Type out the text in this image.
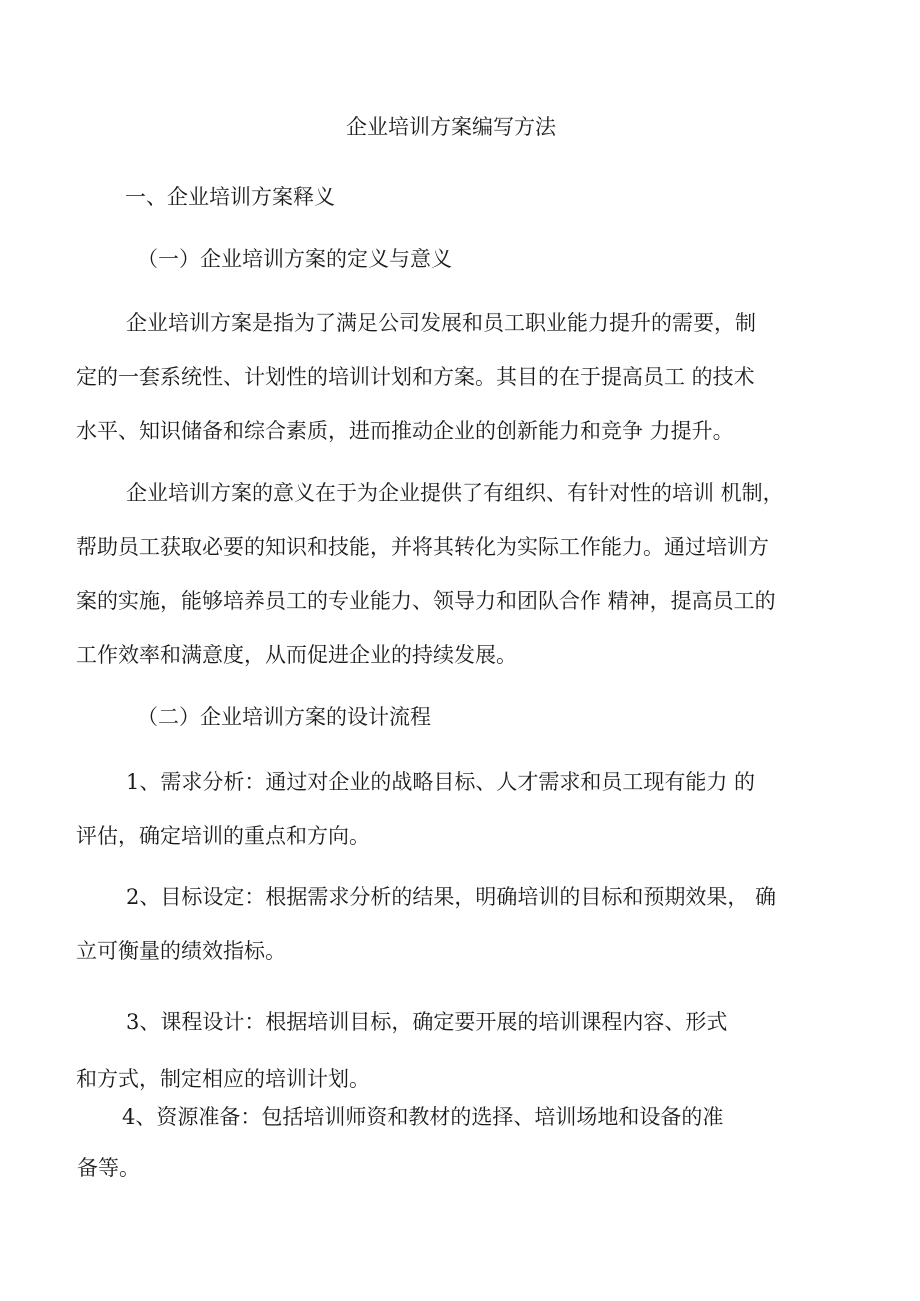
企业培训方案编写方法

一、企业培训方案释义

（一）企业培训方案的定义与意义

企业培训方案是指为了满足公司发展和员工职业能力提升的需要，制

定的一套系统性、计划性的培训计划和方案。其目的在于提高员工 的技术

水平、知识储备和综合素质，进而推动企业的创新能力和竞争 力提升。

企业培训方案的意义在于为企业提供了有组织、有针对性的培训 机制，

帮助员工获取必要的知识和技能，并将其转化为实际工作能力。通过培训方

案的实施，能够培养员工的专业能力、领导力和团队合作 精神，提高员工的

工作效率和满意度，从而促进企业的持续发展。

（二）企业培训方案的设计流程

1、需求分析：通过对企业的战略目标、人才需求和员工现有能力 的

评估，确定培训的重点和方向。

2、目标设定：根据需求分析的结果，明确培训的目标和预期效果， 确

立可衡量的绩效指标。

3、课程设计：根据培训目标，确定要开展的培训课程内容、形式

和方式，制定相应的培训计划。

4、资源准备：包括培训师资和教材的选择、培训场地和设备的准

备等。
